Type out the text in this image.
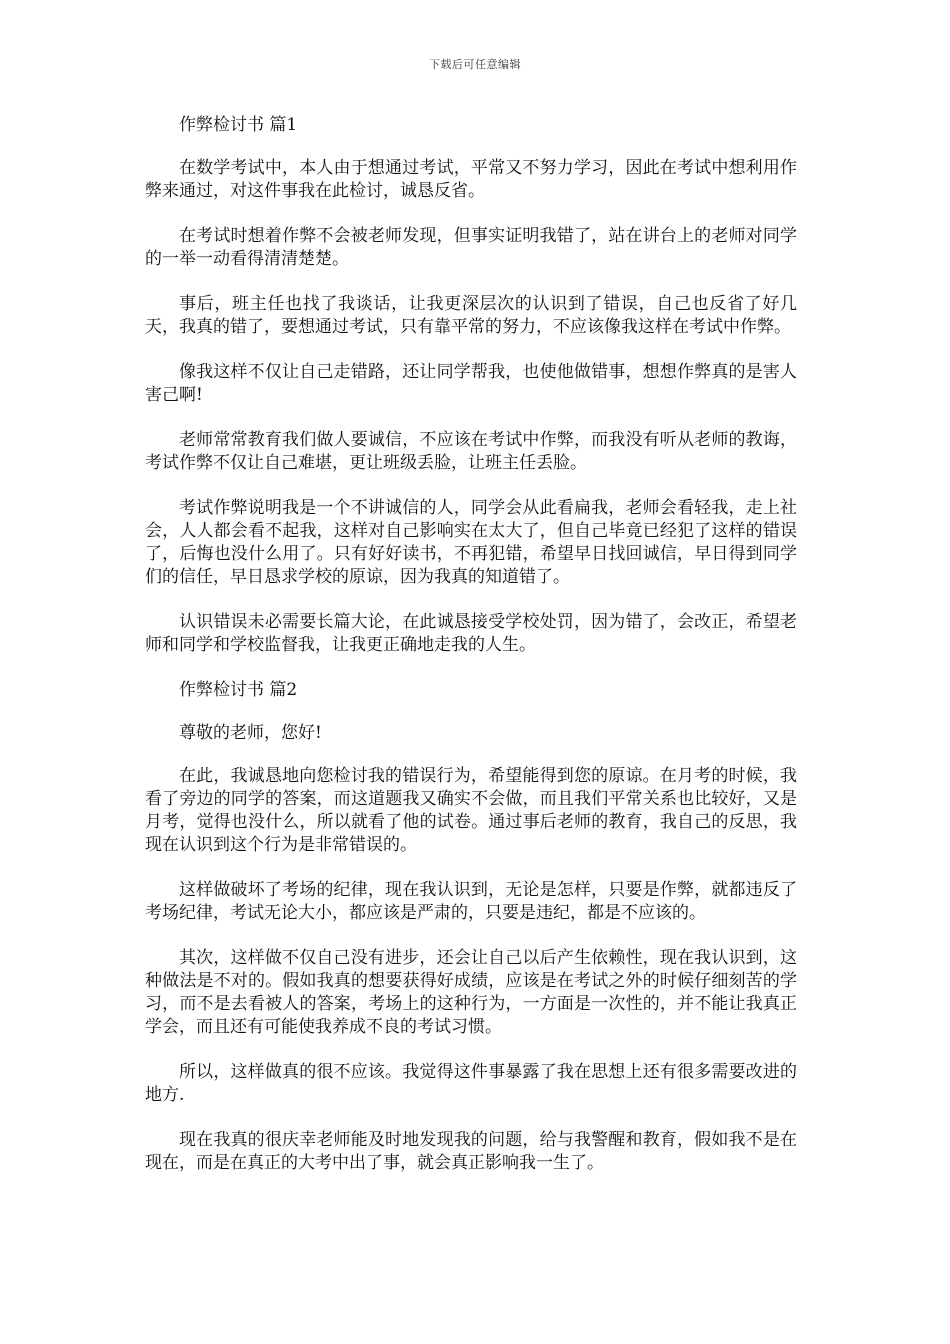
下载后可任意编辑

作弊检讨书 篇1

在数学考试中，本人由于想通过考试，平常又不努力学习，因此在考试中想利用作弊来通过，对这件事我在此检讨，诚恳反省。

在考试时想着作弊不会被老师发现，但事实证明我错了，站在讲台上的老师对同学的一举一动看得清清楚楚。

事后，班主任也找了我谈话，让我更深层次的认识到了错误，自己也反省了好几天，我真的错了，要想通过考试，只有靠平常的努力，不应该像我这样在考试中作弊。

像我这样不仅让自己走错路，还让同学帮我，也使他做错事，想想作弊真的是害人害己啊!

老师常常教育我们做人要诚信，不应该在考试中作弊，而我没有听从老师的教诲，考试作弊不仅让自己难堪，更让班级丢脸，让班主任丢脸。

考试作弊说明我是一个不讲诚信的人，同学会从此看扁我，老师会看轻我，走上社会，人人都会看不起我，这样对自己影响实在太大了，但自己毕竟已经犯了这样的错误了，后悔也没什么用了。只有好好读书，不再犯错，希望早日找回诚信，早日得到同学们的信任，早日恳求学校的原谅，因为我真的知道错了。

认识错误未必需要长篇大论，在此诚恳接受学校处罚，因为错了，会改正，希望老师和同学和学校监督我，让我更正确地走我的人生。

作弊检讨书 篇2

尊敬的老师，您好!

在此，我诚恳地向您检讨我的错误行为，希望能得到您的原谅。在月考的时候，我看了旁边的同学的答案，而这道题我又确实不会做，而且我们平常关系也比较好，又是月考，觉得也没什么，所以就看了他的试卷。通过事后老师的教育，我自己的反思，我现在认识到这个行为是非常错误的。

这样做破坏了考场的纪律，现在我认识到，无论是怎样，只要是作弊，就都违反了考场纪律，考试无论大小，都应该是严肃的，只要是违纪，都是不应该的。

其次，这样做不仅自己没有进步，还会让自己以后产生依赖性，现在我认识到，这种做法是不对的。假如我真的想要获得好成绩，应该是在考试之外的时候仔细刻苦的学习，而不是去看被人的答案，考场上的这种行为，一方面是一次性的，并不能让我真正学会，而且还有可能使我养成不良的考试习惯。

所以，这样做真的很不应该。我觉得这件事暴露了我在思想上还有很多需要改进的地方.

现在我真的很庆幸老师能及时地发现我的问题，给与我警醒和教育，假如我不是在现在，而是在真正的大考中出了事，就会真正影响我一生了。
